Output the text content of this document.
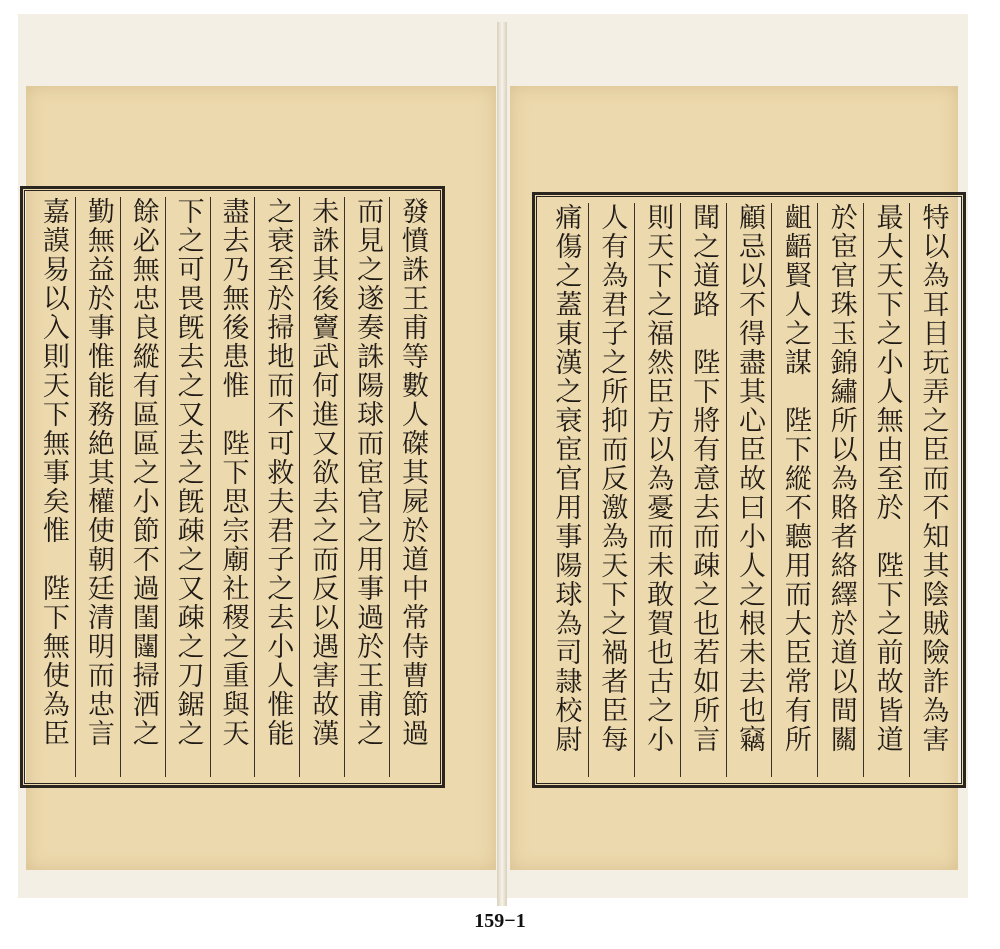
發憤誅王甫等數人磔其屍於道中常侍曹節過
而見之遂奏誅陽球而宦官之用事過於王甫之
未誅其後竇武何進又欲去之而反以遇害故漢
之衰至於掃地而不可救夫君子之去小人惟能
盡去乃無後患惟　陛下思宗廟社稷之重與天
下之可畏旣去之又去之旣疎之又疎之刀鋸之
餘必無忠良縱有區區之小節不過閨闥掃洒之
勤無益於事惟能務絶其權使朝廷清明而忠言
嘉謨易以入則天下無事矣惟　陛下無使為臣	特以為耳目玩弄之臣而不知其陰賊險詐為害
最大天下之小人無由至於　陛下之前故皆道
於宦官珠玉錦繡所以為賂者絡繹於道以間關
齟齬賢人之謀　陛下縱不聽用而大臣常有所
顧忌以不得盡其心臣故曰小人之根未去也竊
聞之道路　陛下將有意去而疎之也若如所言
則天下之福然臣方以為憂而未敢賀也古之小
人有為君子之所抑而反激為天下之禍者臣每
痛傷之蓋東漢之衰宦官用事陽球為司隷校尉
159−1
